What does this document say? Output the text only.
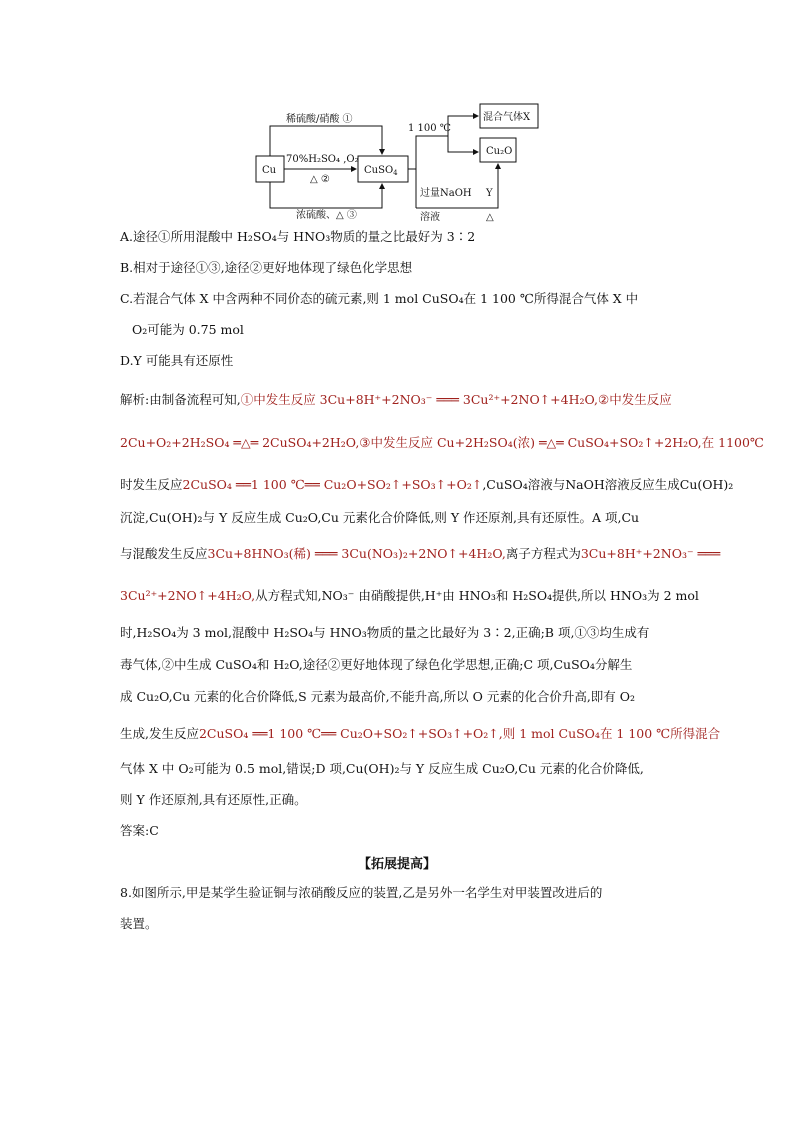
Cu	CuSO$_4$
稀硫酸/硝酸 ①
70%H₂SO₄ ,O₂
△ ②
浓硫酸、△ ③
1 100 ℃
混合气体X
Cu₂O
过量NaOH
溶液
Y
△
A.途径①所用混酸中 H₂SO₄与 HNO₃物质的量之比最好为 3∶2
B.相对于途径①③,途径②更好地体现了绿色化学思想
C.若混合气体 X 中含两种不同价态的硫元素,则 1 mol CuSO₄在 1 100 ℃所得混合气体 X 中
O₂可能为 0.75 mol
D.Y 可能具有还原性
解析:由制备流程可知,①中发生反应 3Cu+8H⁺+2NO₃⁻ ═══ 3Cu²⁺+2NO↑+4H₂O,②中发生反应
2Cu+O₂+2H₂SO₄ ═△═ 2CuSO₄+2H₂O,③中发生反应 Cu+2H₂SO₄(浓) ═△═ CuSO₄+SO₂↑+2H₂O,在 1100℃
时发生反应2CuSO₄ ══1 100 ℃══ Cu₂O+SO₂↑+SO₃↑+O₂↑,CuSO₄溶液与NaOH溶液反应生成Cu(OH)₂
沉淀,Cu(OH)₂与 Y 反应生成 Cu₂O,Cu 元素化合价降低,则 Y 作还原剂,具有还原性。A 项,Cu
与混酸发生反应3Cu+8HNO₃(稀) ═══ 3Cu(NO₃)₂+2NO↑+4H₂O,离子方程式为3Cu+8H⁺+2NO₃⁻ ═══
3Cu²⁺+2NO↑+4H₂O,从方程式知,NO₃⁻ 由硝酸提供,H⁺由 HNO₃和 H₂SO₄提供,所以 HNO₃为 2 mol
时,H₂SO₄为 3 mol,混酸中 H₂SO₄与 HNO₃物质的量之比最好为 3∶2,正确;B 项,①③均生成有
毒气体,②中生成 CuSO₄和 H₂O,途径②更好地体现了绿色化学思想,正确;C 项,CuSO₄分解生
成 Cu₂O,Cu 元素的化合价降低,S 元素为最高价,不能升高,所以 O 元素的化合价升高,即有 O₂
生成,发生反应2CuSO₄ ══1 100 ℃══ Cu₂O+SO₂↑+SO₃↑+O₂↑,则 1 mol CuSO₄在 1 100 ℃所得混合
气体 X 中 O₂可能为 0.5 mol,错误;D 项,Cu(OH)₂与 Y 反应生成 Cu₂O,Cu 元素的化合价降低,
则 Y 作还原剂,具有还原性,正确。
答案:C
【拓展提高】
8.如图所示,甲是某学生验证铜与浓硝酸反应的装置,乙是另外一名学生对甲装置改进后的
装置。
